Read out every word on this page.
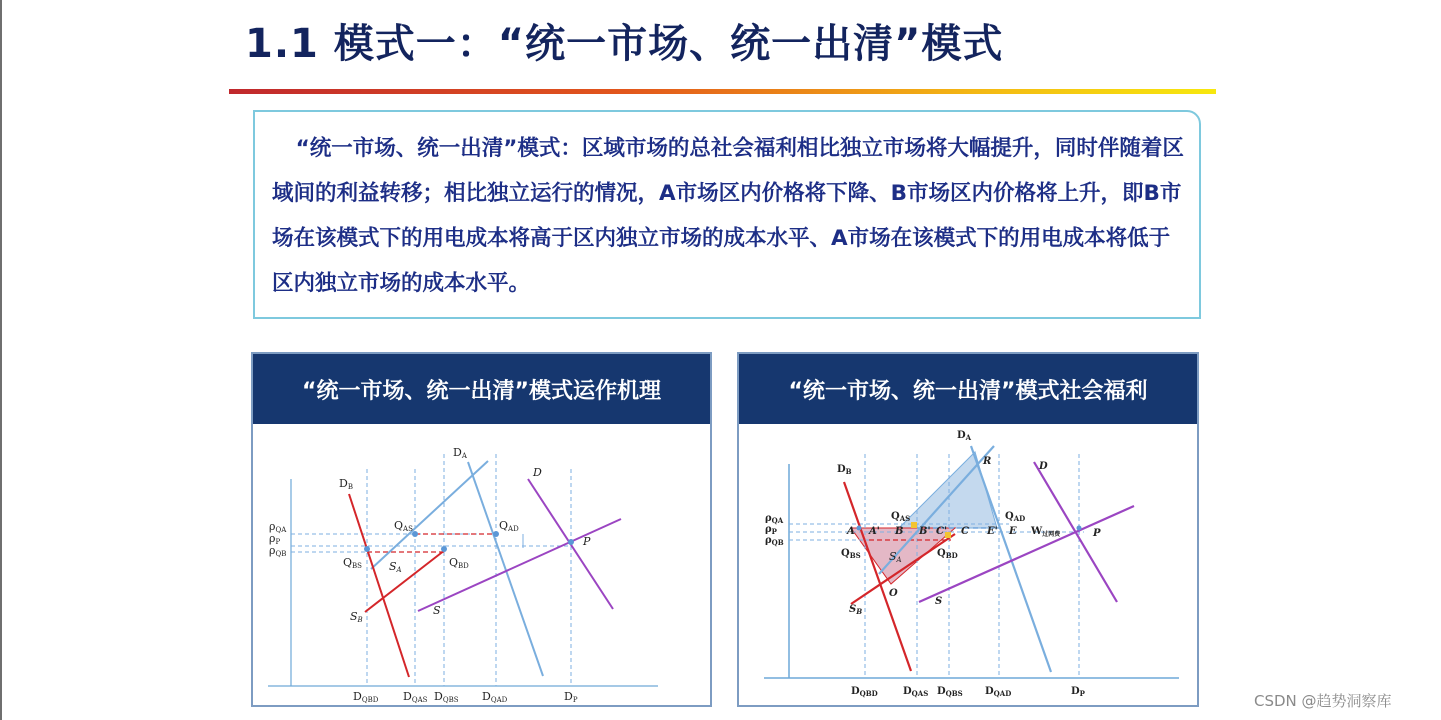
1.1 模式一：“统一市场、统一出清”模式
“统一市场、统一出清”模式：区域市场的总社会福利相比独立市场将大幅提升，同时伴随着区域间的利益转移；相比独立运行的情况，A市场区内价格将下降、B市场区内价格将上升，即B市场在该模式下的用电成本将高于区内独立市场的成本水平、A市场在该模式下的用电成本将低于区内独立市场的成本水平。
“统一市场、统一出清”模式运作机理
DA
DB
D
P
QAS	QAD
QBS	QBD
SA
SB
S
ρQA
ρP
ρQB
DQBD DQAS DQBS DQAD	DP
“统一市场、统一出清”模式社会福利
$D_A$
$D_B$	D
R
O
P
$Q_{AS}$	$Q_{AD}$
$Q_{BS}$	$Q_{BD}$
SA
$S_B$
S
A A' B B' C' C E' E $W_{过网费}$
$\rho_{QA}$
$\rho_P$
$\rho_{QB}$
$D_{QBD}$	$D_{QAS}$ $D_{QBS}$ $D_{QAD}$	$D_P$	CSDN @趋势洞察库
